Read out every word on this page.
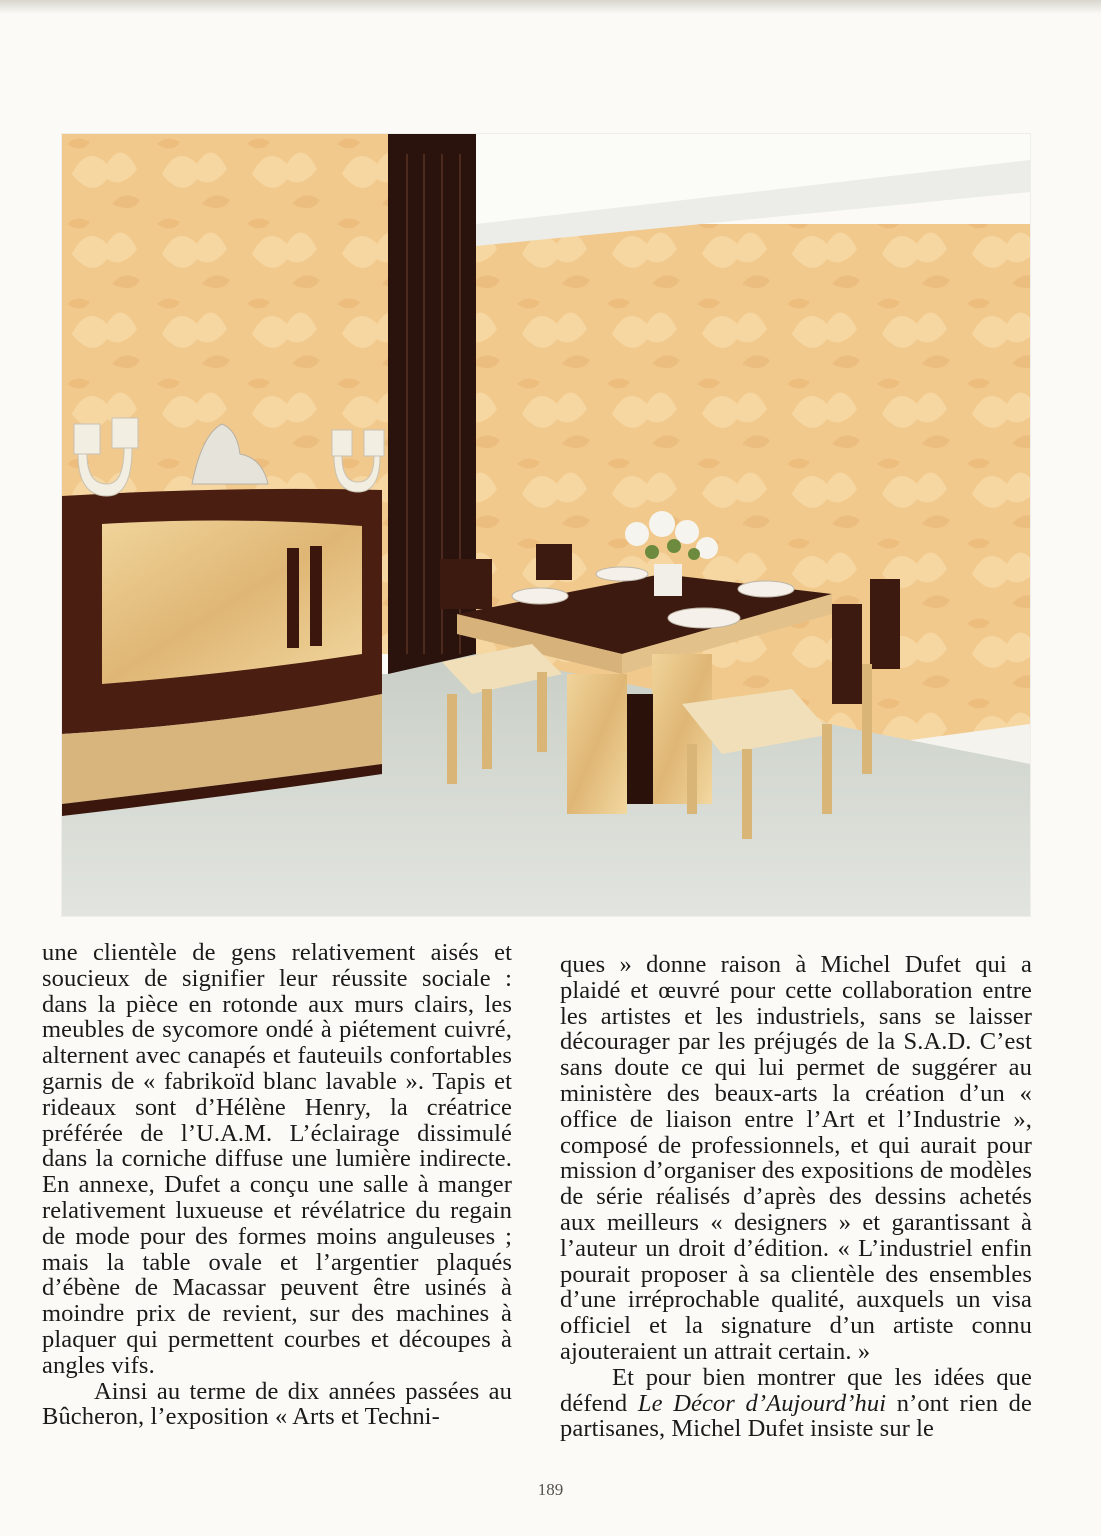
une clientèle de gens relativement aisés et soucieux de signifier leur réussite sociale : dans la pièce en rotonde aux murs clairs, les meubles de sycomore ondé à piétement cuivré, alternent avec canapés et fauteuils confortables garnis de « fabrikoïd blanc lavable ». Tapis et rideaux sont d’Hélène Henry, la créatrice préférée de l’U.A.M. L’éclairage dissimulé dans la corniche diffuse une lumière indirecte. En annexe, Dufet a conçu une salle à manger relativement luxueuse et révélatrice du regain de mode pour des formes moins anguleuses ; mais la table ovale et l’argentier plaqués d’ébène de Macassar peuvent être usinés à moindre prix de revient, sur des machines à plaquer qui permettent courbes et découpes à angles vifs.

Ainsi au terme de dix années passées au Bûcheron, l’exposition « Arts et Techni-

ques » donne raison à Michel Dufet qui a plaidé et œuvré pour cette collaboration entre les artistes et les industriels, sans se laisser décourager par les préjugés de la S.A.D. C’est sans doute ce qui lui permet de suggérer au ministère des beaux-arts la création d’un « office de liaison entre l’Art et l’Industrie », composé de professionnels, et qui aurait pour mission d’organiser des expositions de modèles de série réalisés d’après des dessins achetés aux meilleurs « designers » et garantissant à l’auteur un droit d’édition. « L’industriel enfin pourait proposer à sa clientèle des ensembles d’une irréprochable qualité, auxquels un visa officiel et la signature d’un artiste connu ajouteraient un attrait certain. »

Et pour bien montrer que les idées que défend Le Décor d’Aujourd’hui n’ont rien de partisanes, Michel Dufet insiste sur le

189
